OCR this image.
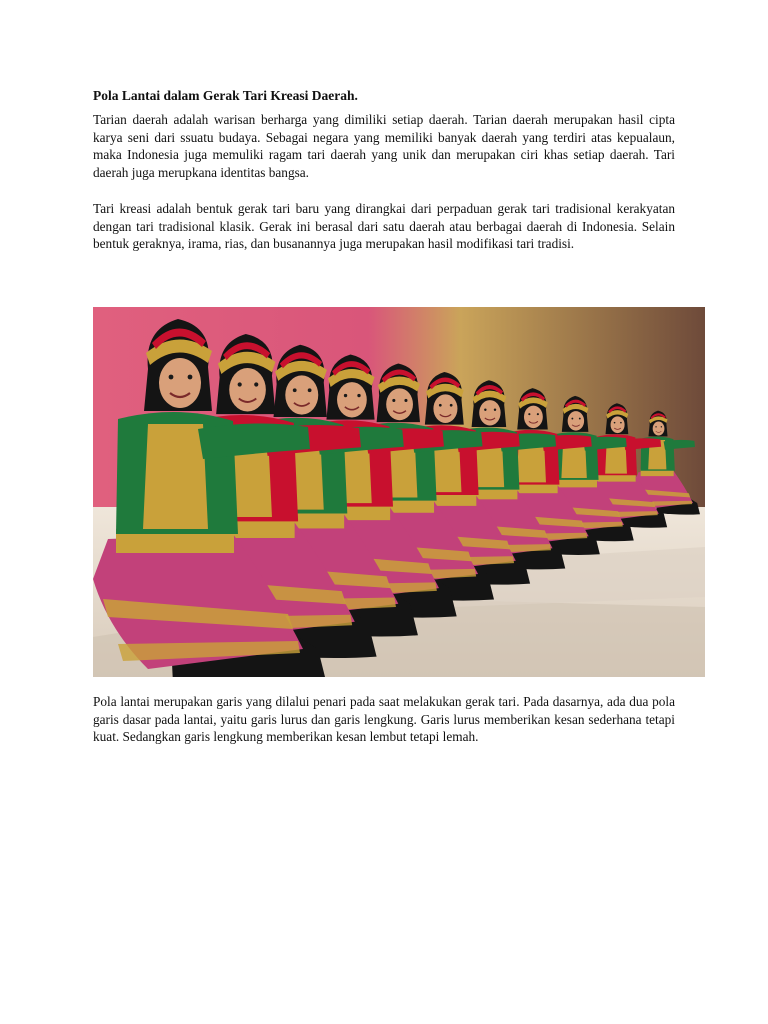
Pola Lantai dalam Gerak Tari Kreasi Daerah.

Tarian daerah adalah warisan berharga yang dimiliki setiap daerah. Tarian daerah merupakan hasil cipta karya seni dari ssuatu budaya. Sebagai negara yang memiliki banyak daerah yang terdiri atas kepualaun, maka Indonesia juga memuliki ragam tari daerah yang unik dan merupakan ciri khas setiap daerah. Tari daerah juga merupkana identitas bangsa.

Tari kreasi adalah bentuk gerak tari baru yang dirangkai dari perpaduan gerak tari tradisional kerakyatan dengan tari tradisional klasik. Gerak ini berasal dari satu daerah atau berbagai daerah di Indonesia. Selain bentuk geraknya, irama, rias, dan busanannya juga merupakan hasil modifikasi tari tradisi.

Pola lantai merupakan garis yang dilalui penari pada saat melakukan gerak tari. Pada dasarnya, ada dua pola garis dasar pada lantai, yaitu garis lurus dan garis lengkung. Garis lurus memberikan kesan sederhana tetapi kuat. Sedangkan garis lengkung memberikan kesan lembut tetapi lemah.
